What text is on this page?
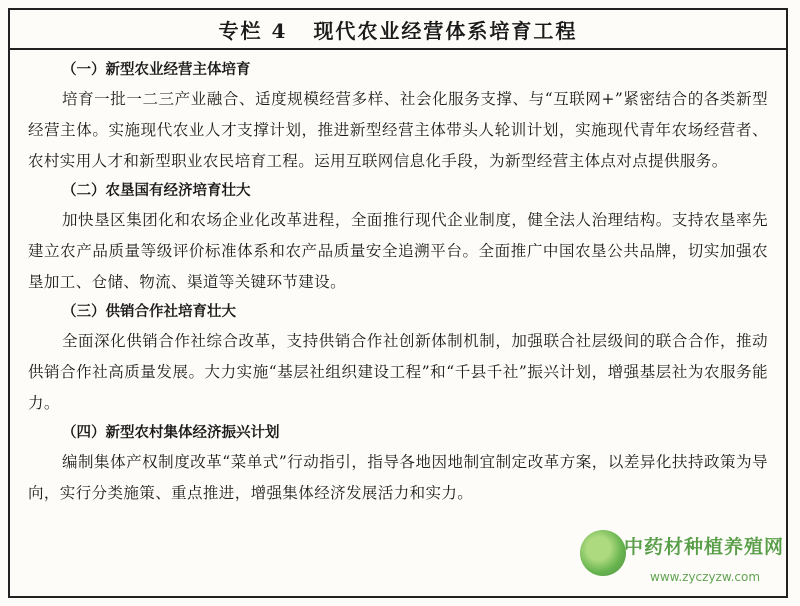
专栏 4 现代农业经营体系培育工程
（一）新型农业经营主体培育

培育一批一二三产业融合、适度规模经营多样、社会化服务支撑、与“互联网+”紧密结合的各类新型经营主体。实施现代农业人才支撑计划，推进新型经营主体带头人轮训计划，实施现代青年农场经营者、农村实用人才和新型职业农民培育工程。运用互联网信息化手段，为新型经营主体点对点提供服务。

（二）农垦国有经济培育壮大

加快垦区集团化和农场企业化改革进程，全面推行现代企业制度，健全法人治理结构。支持农垦率先建立农产品质量等级评价标准体系和农产品质量安全追溯平台。全面推广中国农垦公共品牌，切实加强农垦加工、仓储、物流、渠道等关键环节建设。

（三）供销合作社培育壮大

全面深化供销合作社综合改革，支持供销合作社创新体制机制，加强联合社层级间的联合合作，推动供销合作社高质量发展。大力实施“基层社组织建设工程”和“千县千社”振兴计划，增强基层社为农服务能力。

（四）新型农村集体经济振兴计划

编制集体产权制度改革“菜单式”行动指引，指导各地因地制宜制定改革方案，以差异化扶持政策为导向，实行分类施策、重点推进，增强集体经济发展活力和实力。

中药材种植养殖网
www.zyczyzw.com
